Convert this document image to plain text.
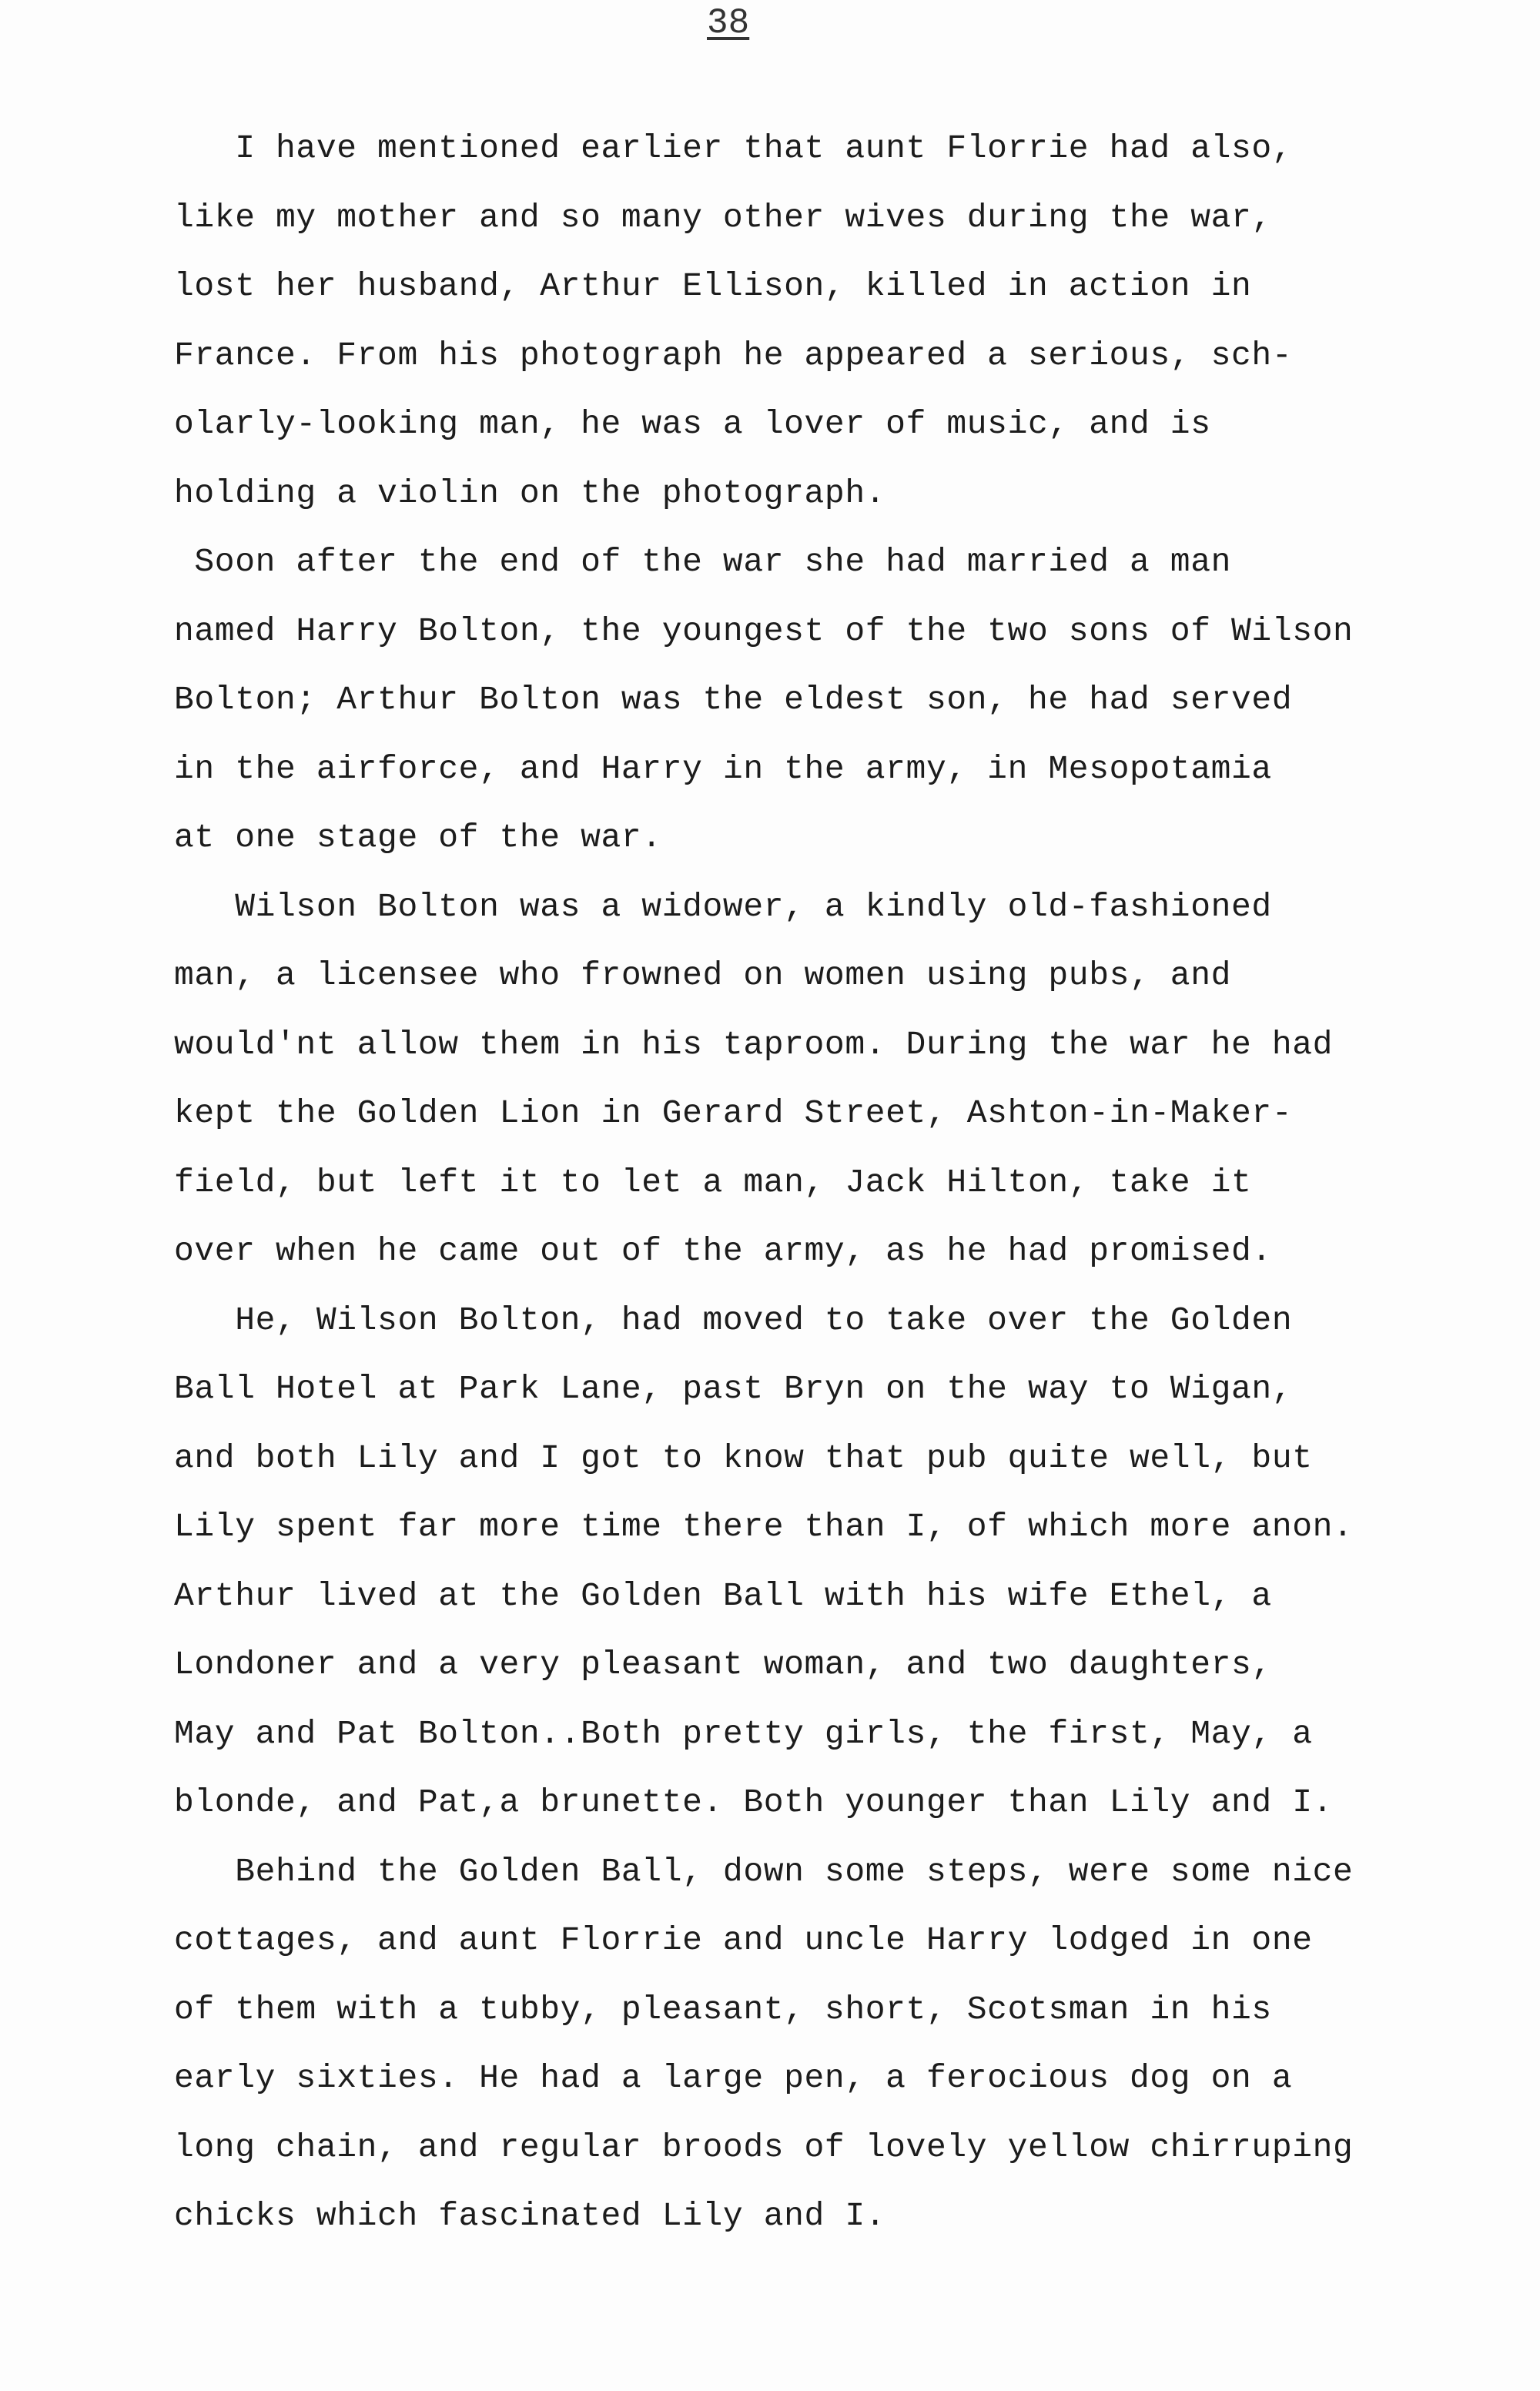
38
I have mentioned earlier that aunt Florrie had also,
like my mother and so many other wives during the war,
lost her husband, Arthur Ellison, killed in action in
France. From his photograph he appeared a serious, sch-
olarly-looking man, he was a lover of music, and is
holding a violin on the photograph.
Soon after the end of the war she had married a man
named Harry Bolton, the youngest of the two sons of Wilson
Bolton; Arthur Bolton was the eldest son, he had served
in the airforce, and Harry in the army, in Mesopotamia
at one stage of the war.
Wilson Bolton was a widower, a kindly old-fashioned
man, a licensee who frowned on women using pubs, and
would'nt allow them in his taproom. During the war he had
kept the Golden Lion in Gerard Street, Ashton-in-Maker-
field, but left it to let a man, Jack Hilton, take it
over when he came out of the army, as he had promised.
He, Wilson Bolton, had moved to take over the Golden
Ball Hotel at Park Lane, past Bryn on the way to Wigan,
and both Lily and I got to know that pub quite well, but
Lily spent far more time there than I, of which more anon.
Arthur lived at the Golden Ball with his wife Ethel, a
Londoner and a very pleasant woman, and two daughters,
May and Pat Bolton..Both pretty girls, the first, May, a
blonde, and Pat,a brunette. Both younger than Lily and I.
Behind the Golden Ball, down some steps, were some nice
cottages, and aunt Florrie and uncle Harry lodged in one
of them with a tubby, pleasant, short, Scotsman in his
early sixties. He had a large pen, a ferocious dog on a
long chain, and regular broods of lovely yellow chirruping
chicks which fascinated Lily and I.
